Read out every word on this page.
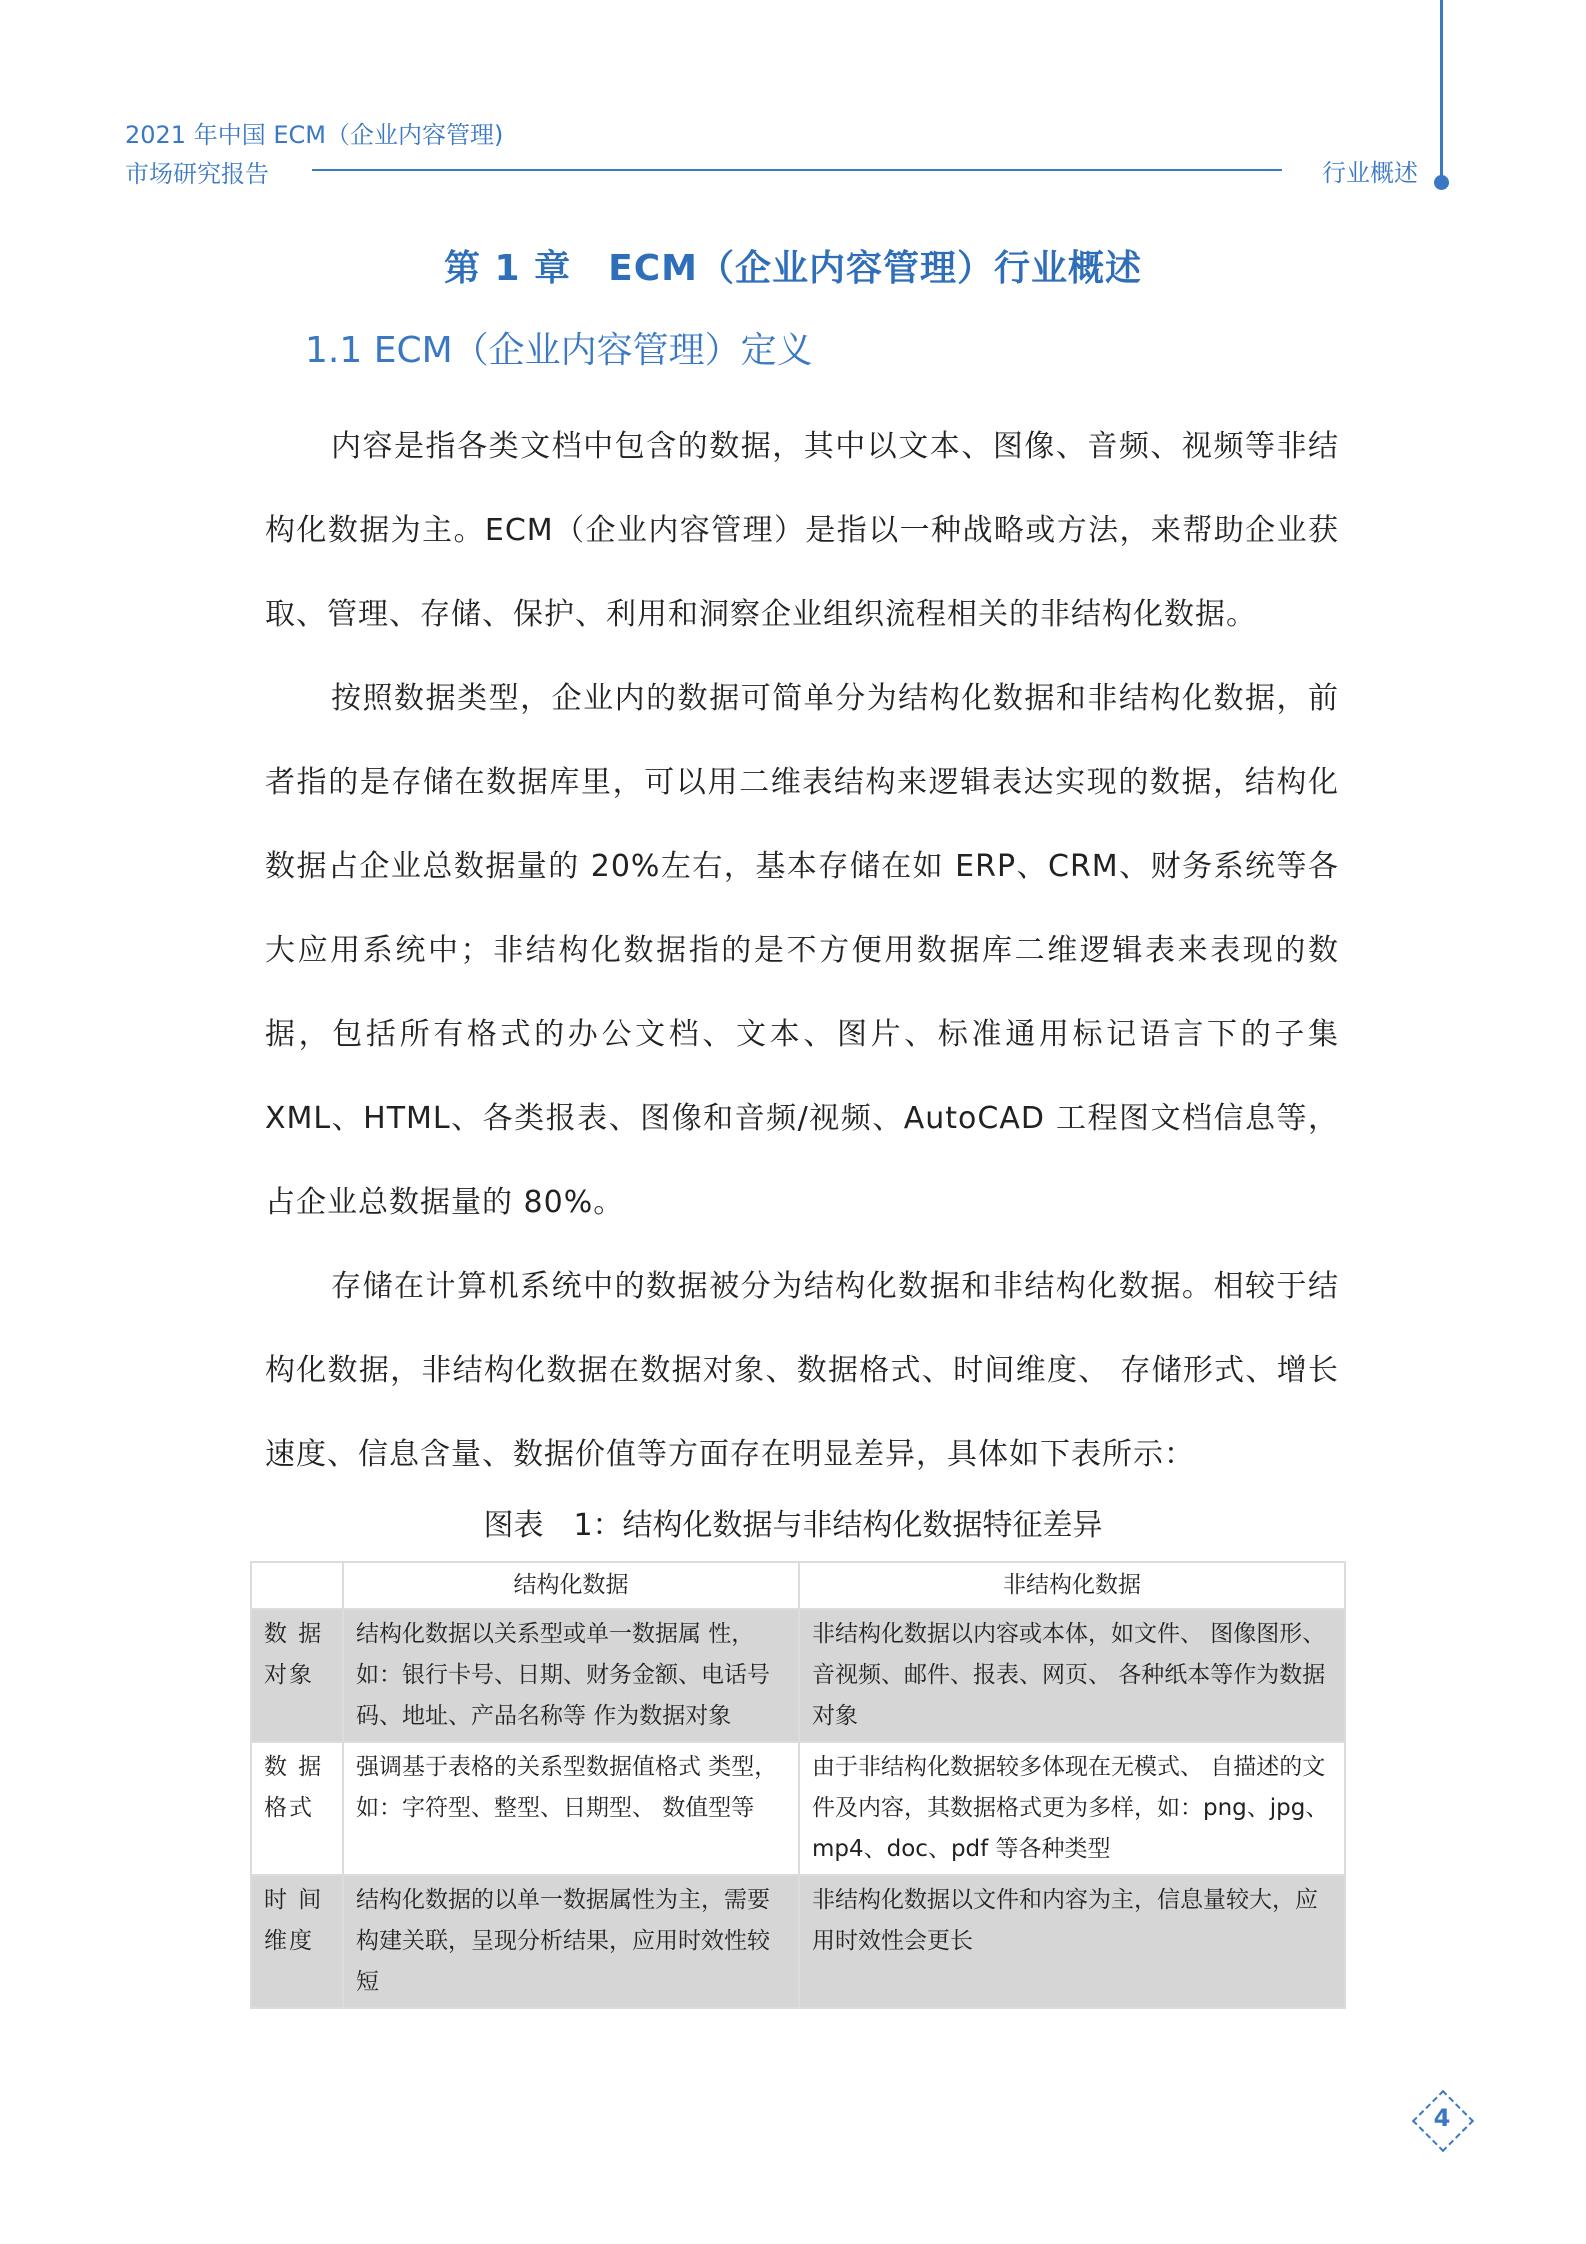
2021 年中国 ECM（企业内容管理)
市场研究报告	行业概述
第 1 章　ECM（企业内容管理）行业概述
1.1 ECM（企业内容管理）定义

内容是指各类文档中包含的数据，其中以文本、图像、音频、视频等非结构化数据为主。ECM（企业内容管理）是指以一种战略或方法，来帮助企业获取、管理、存储、保护、利用和洞察企业组织流程相关的非结构化数据。

按照数据类型，企业内的数据可简单分为结构化数据和非结构化数据，前者指的是存储在数据库里，可以用二维表结构来逻辑表达实现的数据，结构化数据占企业总数据量的 20%左右，基本存储在如 ERP、CRM、财务系统等各大应用系统中；非结构化数据指的是不方便用数据库二维逻辑表来表现的数据，包括所有格式的办公文档、文本、图片、标准通用标记语言下的子集 XML、HTML、各类报表、图像和音频/视频、AutoCAD 工程图文档信息等，占企业总数据量的 80%。

存储在计算机系统中的数据被分为结构化数据和非结构化数据。相较于结构化数据，非结构化数据在数据对象、数据格式、时间维度、 存储形式、增长速度、信息含量、数据价值等方面存在明显差异，具体如下表所示：

图表　1：结构化数据与非结构化数据特征差异
	结构化数据	非结构化数据
数 据
对象	结构化数据以关系型或单一数据属 性，如：银行卡号、日期、财务金额、电话号码、地址、产品名称等 作为数据对象	非结构化数据以内容或本体，如文件、 图像图形、音视频、邮件、报表、网页、 各种纸本等作为数据对象
数 据
格式	强调基于表格的关系型数据值格式 类型，如：字符型、整型、日期型、 数值型等	由于非结构化数据较多体现在无模式、 自描述的文件及内容，其数据格式更为多样，如：png、jpg、mp4、doc、pdf 等各种类型
时 间
维度	结构化数据的以单一数据属性为主，需要构建关联，呈现分析结果，应用时效性较短	非结构化数据以文件和内容为主，信息量较大，应用时效性会更长
4
